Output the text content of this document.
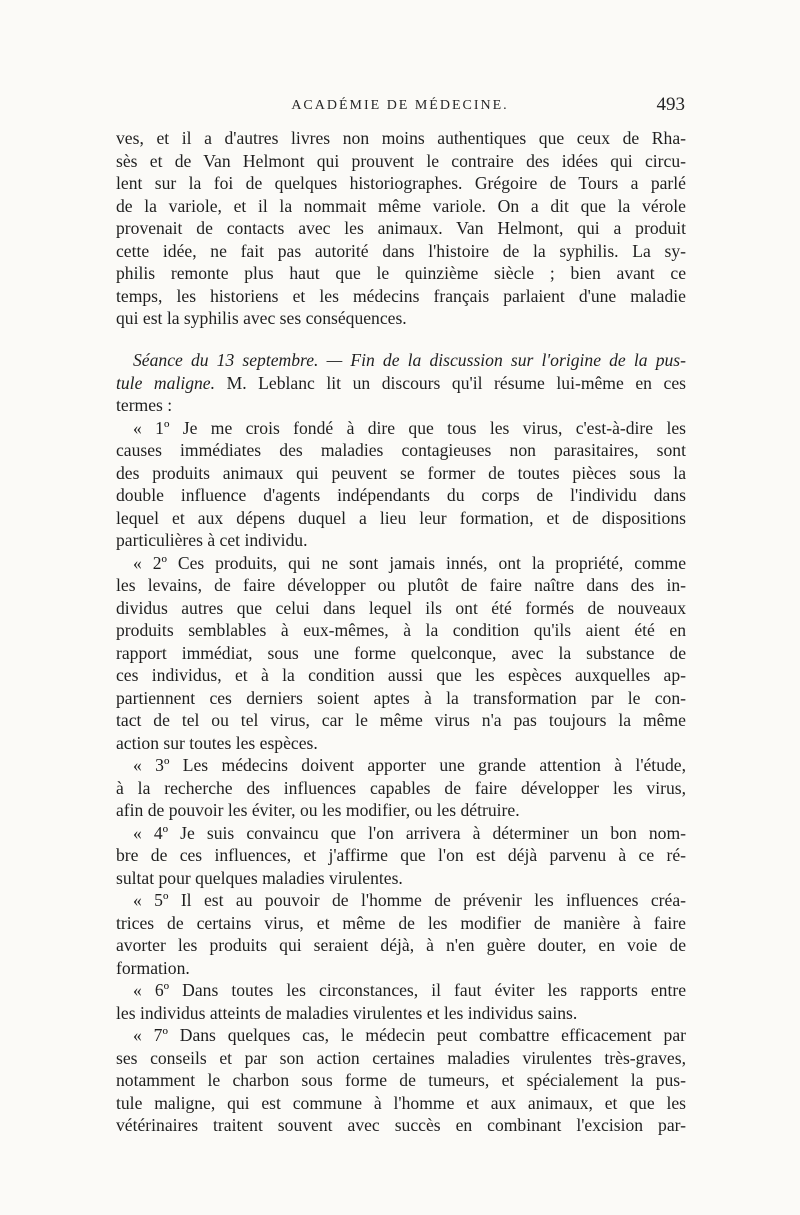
ACADÉMIE DE MÉDECINE.	493
ves, et il a d'autres livres non moins authentiques que ceux de Rha-
sès et de Van Helmont qui prouvent le contraire des idées qui circu-
lent sur la foi de quelques historiographes. Grégoire de Tours a parlé
de la variole, et il la nommait même variole. On a dit que la vérole
provenait de contacts avec les animaux. Van Helmont, qui a produit
cette idée, ne fait pas autorité dans l'histoire de la syphilis. La sy-
philis remonte plus haut que le quinzième siècle ; bien avant ce
temps, les historiens et les médecins français parlaient d'une maladie
qui est la syphilis avec ses conséquences.
Séance du 13 septembre. — Fin de la discussion sur l'origine de la pus-
tule maligne. M. Leblanc lit un discours qu'il résume lui-même en ces
termes :
« 1º Je me crois fondé à dire que tous les virus, c'est-à-dire les
causes immédiates des maladies contagieuses non parasitaires, sont
des produits animaux qui peuvent se former de toutes pièces sous la
double influence d'agents indépendants du corps de l'individu dans
lequel et aux dépens duquel a lieu leur formation, et de dispositions
particulières à cet individu.
« 2º Ces produits, qui ne sont jamais innés, ont la propriété, comme
les levains, de faire développer ou plutôt de faire naître dans des in-
dividus autres que celui dans lequel ils ont été formés de nouveaux
produits semblables à eux-mêmes, à la condition qu'ils aient été en
rapport immédiat, sous une forme quelconque, avec la substance de
ces individus, et à la condition aussi que les espèces auxquelles ap-
partiennent ces derniers soient aptes à la transformation par le con-
tact de tel ou tel virus, car le même virus n'a pas toujours la même
action sur toutes les espèces.
« 3º Les médecins doivent apporter une grande attention à l'étude,
à la recherche des influences capables de faire développer les virus,
afin de pouvoir les éviter, ou les modifier, ou les détruire.
« 4º Je suis convaincu que l'on arrivera à déterminer un bon nom-
bre de ces influences, et j'affirme que l'on est déjà parvenu à ce ré-
sultat pour quelques maladies virulentes.
« 5º Il est au pouvoir de l'homme de prévenir les influences créa-
trices de certains virus, et même de les modifier de manière à faire
avorter les produits qui seraient déjà, à n'en guère douter, en voie de
formation.
« 6º Dans toutes les circonstances, il faut éviter les rapports entre
les individus atteints de maladies virulentes et les individus sains.
« 7º Dans quelques cas, le médecin peut combattre efficacement par
ses conseils et par son action certaines maladies virulentes très-graves,
notamment le charbon sous forme de tumeurs, et spécialement la pus-
tule maligne, qui est commune à l'homme et aux animaux, et que les
vétérinaires traitent souvent avec succès en combinant l'excision par-
